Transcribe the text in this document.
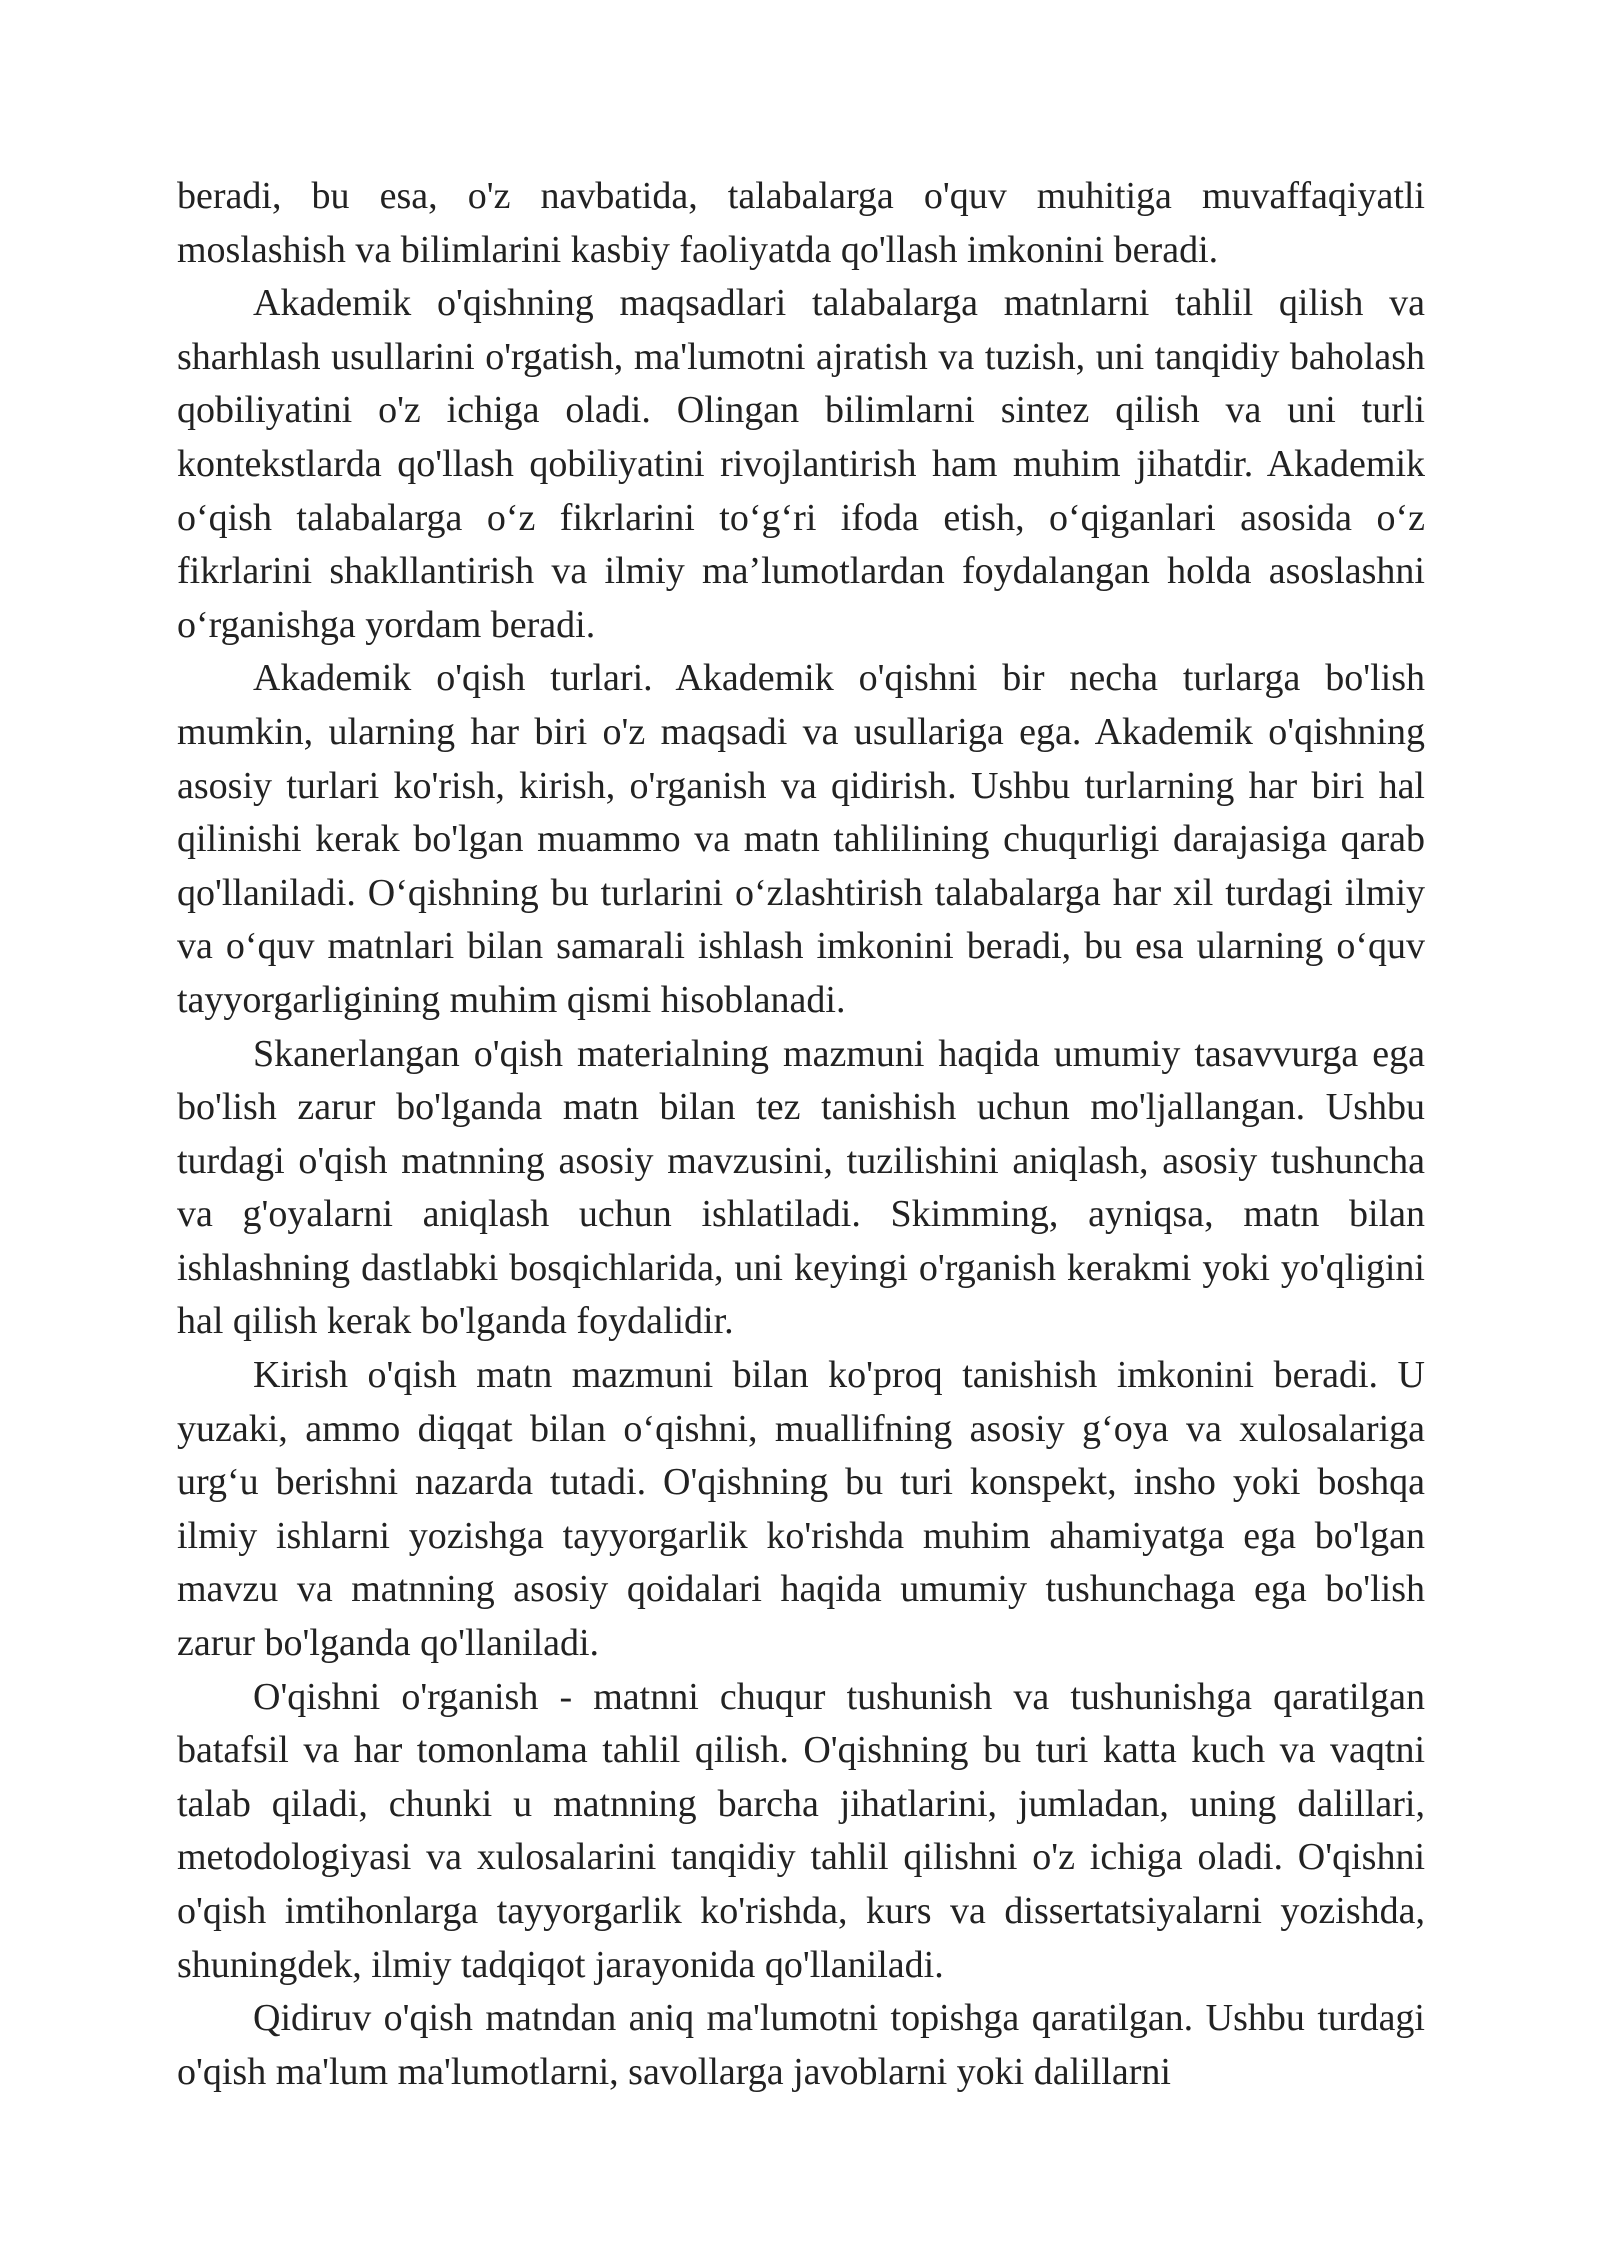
beradi, bu esa, o'z navbatida, talabalarga o'quv muhitiga muvaffaqiyatli moslashish va bilimlarini kasbiy faoliyatda qo'llash imkonini beradi.

Akademik o'qishning maqsadlari talabalarga matnlarni tahlil qilish va sharhlash usullarini o'rgatish, ma'lumotni ajratish va tuzish, uni tanqidiy baholash qobiliyatini o'z ichiga oladi. Olingan bilimlarni sintez qilish va uni turli kontekstlarda qo'llash qobiliyatini rivojlantirish ham muhim jihatdir. Akademik o‘qish talabalarga o‘z fikrlarini to‘g‘ri ifoda etish, o‘qiganlari asosida o‘z fikrlarini shakllantirish va ilmiy ma’lumotlardan foydalangan holda asoslashni o‘rganishga yordam beradi.

Akademik o'qish turlari. Akademik o'qishni bir necha turlarga bo'lish mumkin, ularning har biri o'z maqsadi va usullariga ega. Akademik o'qishning asosiy turlari ko'rish, kirish, o'rganish va qidirish. Ushbu turlarning har biri hal qilinishi kerak bo'lgan muammo va matn tahlilining chuqurligi darajasiga qarab qo'llaniladi. O‘qishning bu turlarini o‘zlashtirish talabalarga har xil turdagi ilmiy va o‘quv matnlari bilan samarali ishlash imkonini beradi, bu esa ularning o‘quv tayyorgarligining muhim qismi hisoblanadi.

Skanerlangan o'qish materialning mazmuni haqida umumiy tasavvurga ega bo'lish zarur bo'lganda matn bilan tez tanishish uchun mo'ljallangan. Ushbu turdagi o'qish matnning asosiy mavzusini, tuzilishini aniqlash, asosiy tushuncha va g'oyalarni aniqlash uchun ishlatiladi. Skimming, ayniqsa, matn bilan ishlashning dastlabki bosqichlarida, uni keyingi o'rganish kerakmi yoki yo'qligini hal qilish kerak bo'lganda foydalidir.

Kirish o'qish matn mazmuni bilan ko'proq tanishish imkonini beradi. U yuzaki, ammo diqqat bilan o‘qishni, muallifning asosiy g‘oya va xulosalariga urg‘u berishni nazarda tutadi. O'qishning bu turi konspekt, insho yoki boshqa ilmiy ishlarni yozishga tayyorgarlik ko'rishda muhim ahamiyatga ega bo'lgan mavzu va matnning asosiy qoidalari haqida umumiy tushunchaga ega bo'lish zarur bo'lganda qo'llaniladi.

O'qishni o'rganish - matnni chuqur tushunish va tushunishga qaratilgan batafsil va har tomonlama tahlil qilish. O'qishning bu turi katta kuch va vaqtni talab qiladi, chunki u matnning barcha jihatlarini, jumladan, uning dalillari, metodologiyasi va xulosalarini tanqidiy tahlil qilishni o'z ichiga oladi. O'qishni o'qish imtihonlarga tayyorgarlik ko'rishda, kurs va dissertatsiyalarni yozishda, shuningdek, ilmiy tadqiqot jarayonida qo'llaniladi.

Qidiruv o'qish matndan aniq ma'lumotni topishga qaratilgan. Ushbu turdagi o'qish ma'lum ma'lumotlarni, savollarga javoblarni yoki dalillarni
